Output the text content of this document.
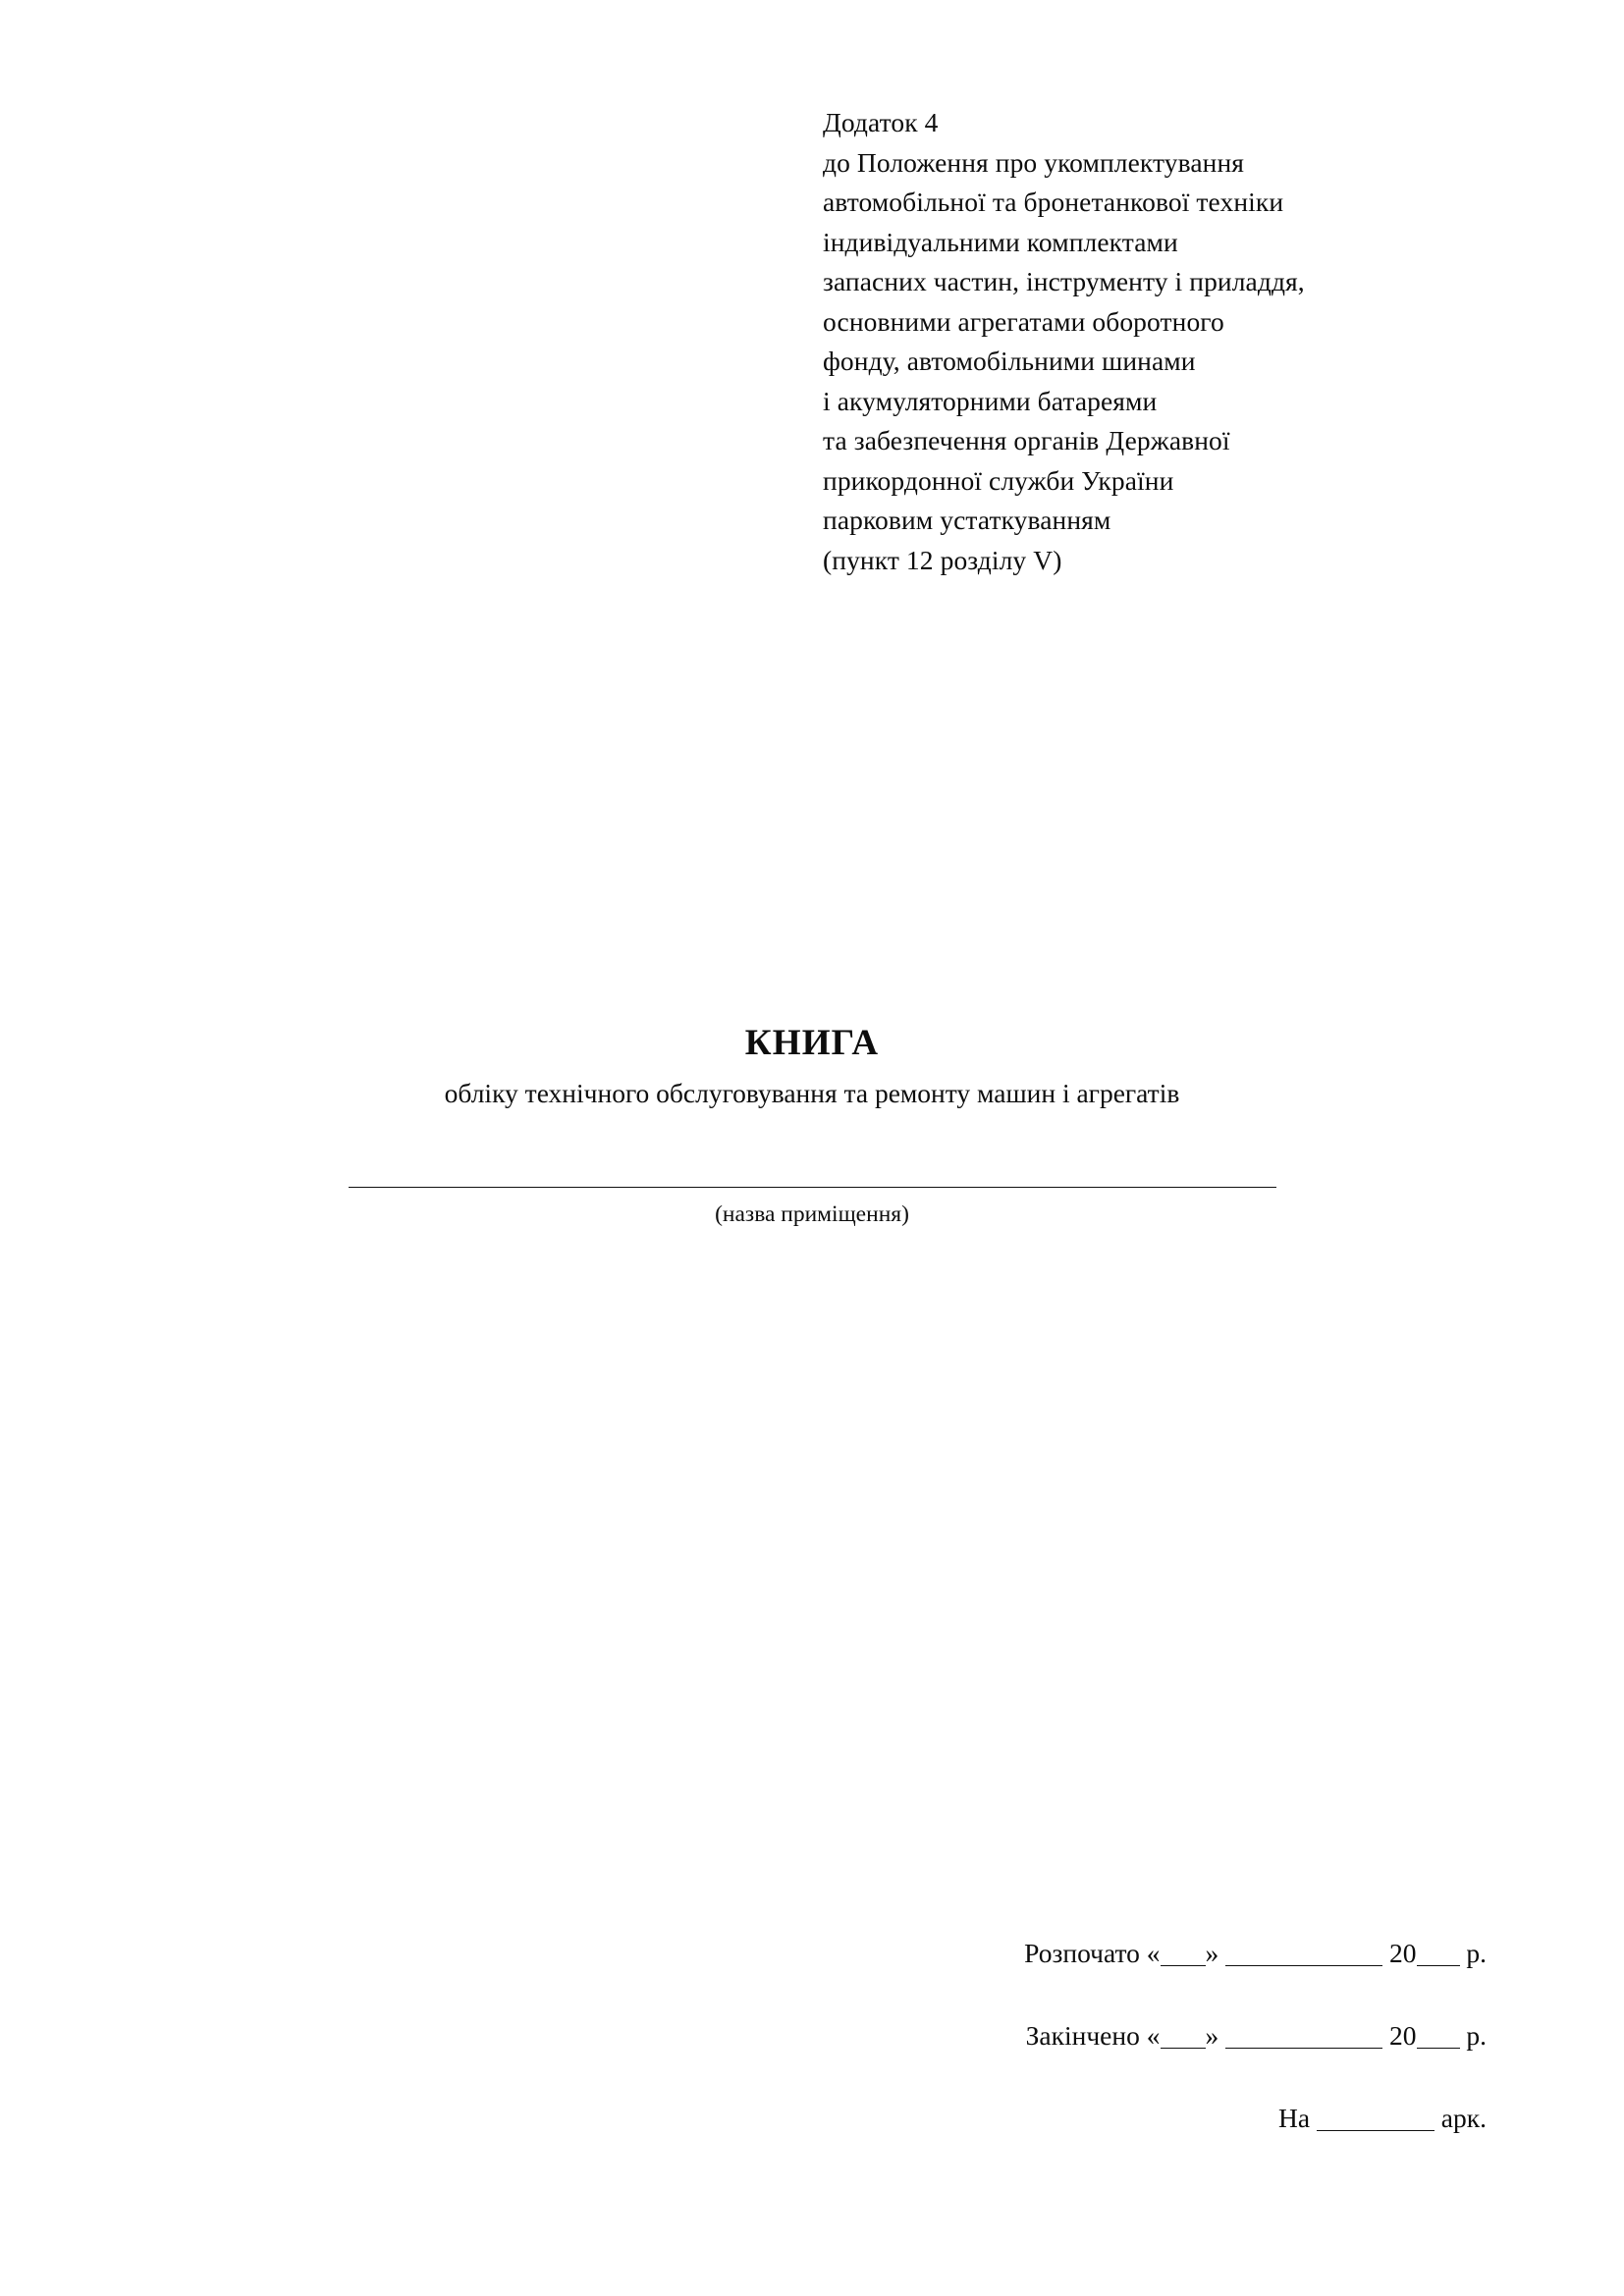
Додаток 4
до Положення про укомплектування
автомобільної та бронетанкової техніки
індивідуальними комплектами
запасних частин, інструменту і приладдя,
основними агрегатами оборотного
фонду, автомобільними шинами
і акумуляторними батареями
та забезпечення органів Державної
прикордонної служби України
парковим устаткуванням
(пункт 12 розділу V)
КНИГА
обліку технічного обслуговування та ремонту машин і агрегатів
(назва приміщення)
Розпочато « »	20 р.
Закінчено « »	20 р.
На	арк.
